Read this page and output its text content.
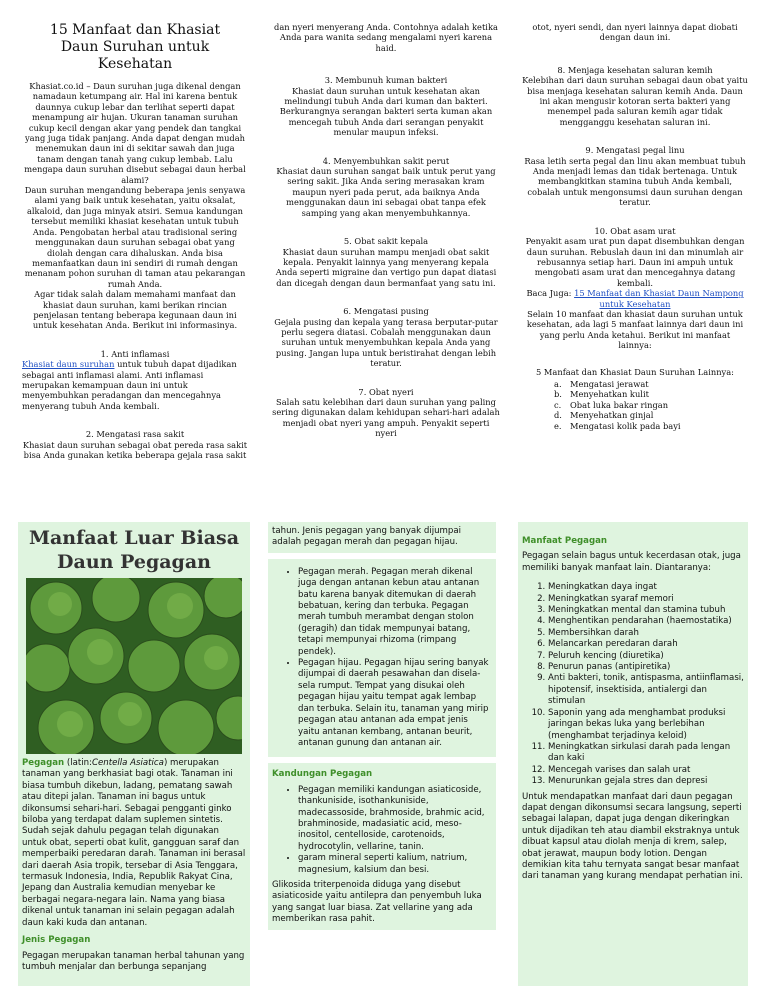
15 Manfaat dan Khasiat

Daun Suruhan untuk Kesehatan

Khasiat.co.id – Daun suruhan juga dikenal dengan namadaun ketumpang air. Hal ini karena bentuk daunnya cukup lebar dan terlihat seperti dapat menampung air hujan. Ukuran tanaman suruhan cukup kecil dengan akar yang pendek dan tangkai yang juga tidak panjang. Anda dapat dengan mudah menemukan daun ini di sekitar sawah dan juga tanam dengan tanah yang cukup lembab. Lalu mengapa daun suruhan disebut sebagai daun herbal alami?

Daun suruhan mengandung beberapa jenis senyawa alami yang baik untuk kesehatan, yaitu oksalat, alkaloid, dan juga minyak atsiri. Semua kandungan tersebut memiliki khasiat kesehatan untuk tubuh Anda. Pengobatan herbal atau tradisional sering menggunakan daun suruhan sebagai obat yang diolah dengan cara dihaluskan. Anda bisa memanfaatkan daun ini sendiri di rumah dengan menanam pohon suruhan di taman atau pekarangan rumah Anda.

Agar tidak salah dalam memahami manfaat dan khasiat daun suruhan, kami berikan rincian penjelasan tentang beberapa kegunaan daun ini untuk kesehatan Anda. Berikut ini informasinya.

1. Anti inflamasi

Khasiat daun suruhan untuk tubuh dapat dijadikan sebagai anti inflamasi alami. Anti inflamasi merupakan kemampuan daun ini untuk menyembuhkan peradangan dan mencegahnya menyerang tubuh Anda kembali.

2. Mengatasi rasa sakit

Khasiat daun suruhan sebagai obat pereda rasa sakit bisa Anda gunakan ketika beberapa gejala rasa sakit

dan nyeri menyerang Anda. Contohnya adalah ketika Anda para wanita sedang mengalami nyeri karena haid.

3. Membunuh kuman bakteri

Khasiat daun suruhan untuk kesehatan akan melindungi tubuh Anda dari kuman dan bakteri. Berkurangnya serangan bakteri serta kuman akan mencegah tubuh Anda dari serangan penyakit menular maupun infeksi.

4. Menyembuhkan sakit perut

Khasiat daun suruhan sangat baik untuk perut yang sering sakit. Jika Anda sering merasakan kram maupun nyeri pada perut, ada baiknya Anda menggunakan daun ini sebagai obat tanpa efek samping yang akan menyembuhkannya.

5. Obat sakit kepala

Khasiat daun suruhan mampu menjadi obat sakit kepala. Penyakit lainnya yang menyerang kepala Anda seperti migraine dan vertigo pun dapat diatasi dan dicegah dengan daun bermanfaat yang satu ini.

6. Mengatasi pusing

Gejala pusing dan kepala yang terasa berputar-putar perlu segera diatasi. Cobalah menggunakan daun suruhan untuk menyembuhkan kepala Anda yang pusing. Jangan lupa untuk beristirahat dengan lebih teratur.

7. Obat nyeri

Salah satu kelebihan dari daun suruhan yang paling sering digunakan dalam kehidupan sehari-hari adalah menjadi obat nyeri yang ampuh. Penyakit seperti nyeri

otot, nyeri sendi, dan nyeri lainnya dapat diobati dengan daun ini.

8. Menjaga kesehatan saluran kemih

Kelebihan dari daun suruhan sebagai daun obat yaitu bisa menjaga kesehatan saluran kemih Anda. Daun ini akan mengusir kotoran serta bakteri yang menempel pada saluran kemih agar tidak mengganggu kesehatan saluran ini.

9. Mengatasi pegal linu

Rasa letih serta pegal dan linu akan membuat tubuh Anda menjadi lemas dan tidak bertenaga. Untuk membangkitkan stamina tubuh Anda kembali, cobalah untuk mengonsumsi daun suruhan dengan teratur.

10. Obat asam urat

Penyakit asam urat pun dapat disembuhkan dengan daun suruhan. Rebuslah daun ini dan minumlah air rebusannya setiap hari. Daun ini ampuh untuk mengobati asam urat dan mencegahnya datang kembali.

Baca Juga: 15 Manfaat dan Khasiat Daun Nampong untuk Kesehatan

Selain 10 manfaat dan khasiat daun suruhan untuk kesehatan, ada lagi 5 manfaat lainnya dari daun ini yang perlu Anda ketahui. Berikut ini manfaat lainnya:

5 Manfaat dan Khasiat Daun Suruhan Lainnya:
a. Mengatasi jerawat
b. Menyehatkan kulit
c. Obat luka bakar ringan
d. Menyehatkan ginjal
e. Mengatasi kolik pada bayi

Manfaat Luar Biasa

Daun Pegagan

Pegagan (latin:Centella Asiatica) merupakan tanaman yang berkhasiat bagi otak. Tanaman ini biasa tumbuh dikebun, ladang, pematang sawah atau ditepi jalan. Tanaman ini bagus untuk dikonsumsi sehari-hari. Sebagai pengganti ginko biloba yang terdapat dalam suplemen sintetis. Sudah sejak dahulu pegagan telah digunakan untuk obat, seperti obat kulit, gangguan saraf dan memperbaiki peredaran darah. Tanaman ini berasal dari daerah Asia tropik, tersebar di Asia Tenggara, termasuk Indonesia, India, Republik Rakyat Cina, Jepang dan Australia kemudian menyebar ke berbagai negara-negara lain. Nama yang biasa dikenal untuk tanaman ini selain pegagan adalah daun kaki kuda dan antanan.

Jenis Pegagan

Pegagan merupakan tanaman herbal tahunan yang tumbuh menjalar dan berbunga sepanjang

tahun. Jenis pegagan yang banyak dijumpai adalah pegagan merah dan pegagan hijau.

• Pegagan merah. Pegagan merah dikenal juga dengan antanan kebun atau antanan batu karena banyak ditemukan di daerah bebatuan, kering dan terbuka. Pegagan merah tumbuh merambat dengan stolon (geragih) dan tidak mempunyai batang, tetapi mempunyai rhizoma (rimpang pendek).
• Pegagan hijau. Pegagan hijau sering banyak dijumpai di daerah pesawahan dan disela-sela rumput. Tempat yang disukai oleh pegagan hijau yaitu tempat agak lembap dan terbuka. Selain itu, tanaman yang mirip pegagan atau antanan ada empat jenis yaitu antanan kembang, antanan beurit, antanan gunung dan antanan air.

Kandungan Pegagan

• Pegagan memiliki kandungan asiaticoside, thankuniside, isothankuniside, madecassoside, brahmoside, brahmic acid, brahminoside, madasiatic acid, meso-inositol, centelloside, carotenoids, hydrocotylin, vellarine, tanin.
• garam mineral seperti kalium, natrium, magnesium, kalsium dan besi.

Glikosida triterpenoida diduga yang disebut asiaticoside yaitu antilepra dan penyembuh luka yang sangat luar biasa. Zat vellarine yang ada memberikan rasa pahit.

Manfaat Pegagan

Pegagan selain bagus untuk kecerdasan otak, juga memiliki banyak manfaat lain. Diantaranya:

1. Meningkatkan daya ingat
2. Meningkatkan syaraf memori
3. Meningkatkan mental dan stamina tubuh
4. Menghentikan pendarahan (haemostatika)
5. Membersihkan darah
6. Melancarkan peredaran darah
7. Peluruh kencing (diuretika)
8. Penurun panas (antipiretika)
9. Anti bakteri, tonik, antispasma, antiinflamasi, hipotensif, insektisida, antialergi dan stimulan
10. Saponin yang ada menghambat produksi jaringan bekas luka yang berlebihan (menghambat terjadinya keloid)
11. Meningkatkan sirkulasi darah pada lengan dan kaki
12. Mencegah varises dan salah urat
13. Menurunkan gejala stres dan depresi

Untuk mendapatkan manfaat dari daun pegagan dapat dengan dikonsumsi secara langsung, seperti sebagai lalapan, dapat juga dengan dikeringkan untuk dijadikan teh atau diambil ekstraknya untuk dibuat kapsul atau diolah menja di krem, salep, obat jerawat, maupun body lotion. Dengan demikian kita tahu ternyata sangat besar manfaat dari tanaman yang kurang mendapat perhatian ini.
